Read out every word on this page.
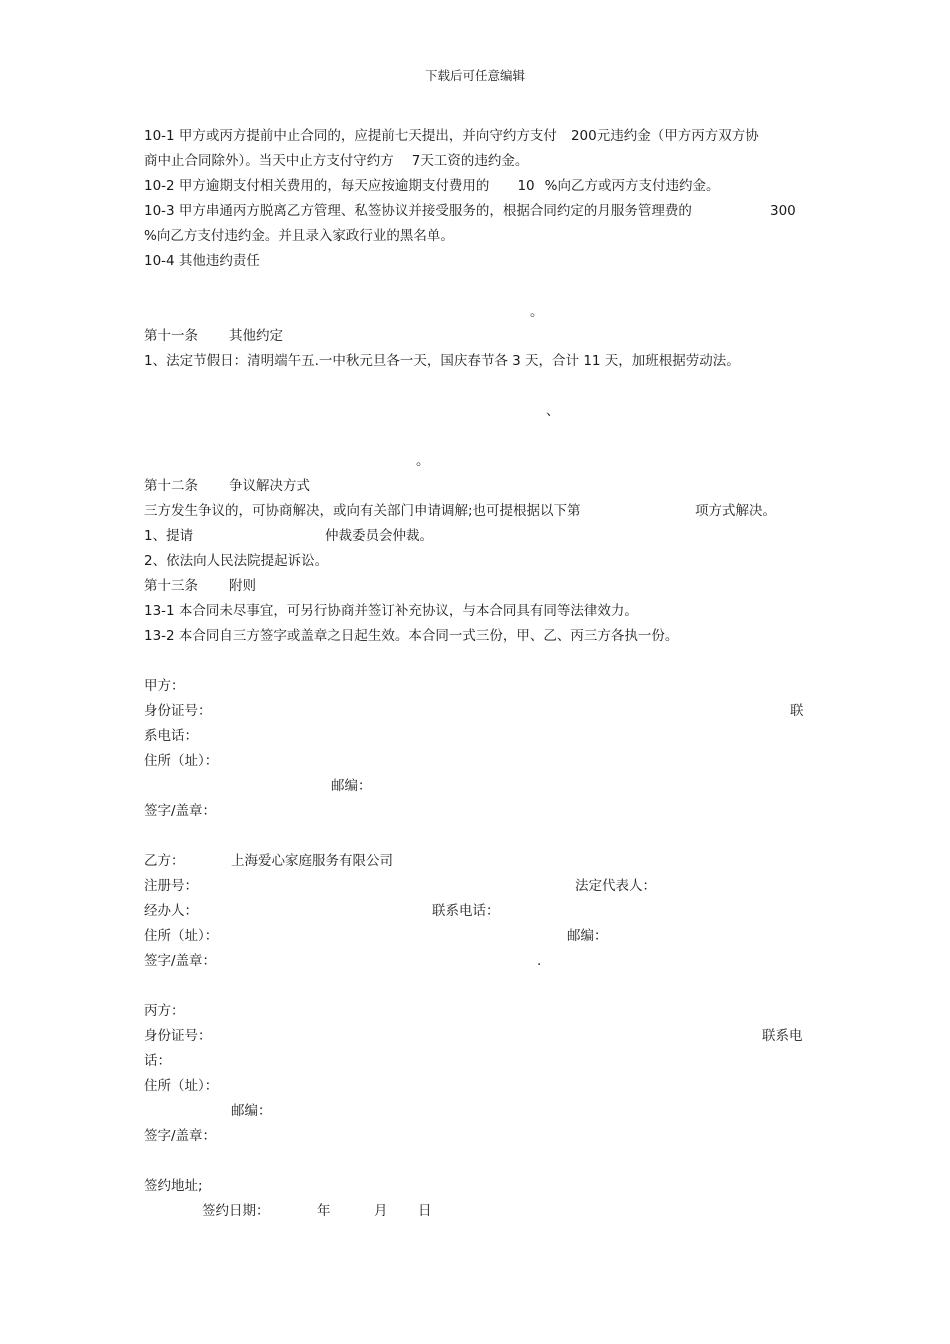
下载后可任意编辑
10-1 甲方或丙方提前中止合同的，应提前七天提出，并向守约方支付 200元违约金（甲方丙方双方协
商中止合同除外）。当天中止方支付守约方 7天工资的违约金。
10-2 甲方逾期支付相关费用的，每天应按逾期支付费用的 10 %向乙方或丙方支付违约金。
10-3 甲方串通丙方脱离乙方管理、私签协议并接受服务的，根据合同约定的月服务管理费的	300
%向乙方支付违约金。并且录入家政行业的黑名单。
10-4 其他违约责任
。
第十一条 其他约定
1、法定节假日：清明端午五.一中秋元旦各一天，国庆春节各 3 天，合计 11 天，加班根据劳动法。
、
。
第十二条 争议解决方式
三方发生争议的，可协商解决，或向有关部门申请调解;也可提根据以下第	项方式解决。
1、提请	仲裁委员会仲裁。
2、依法向人民法院提起诉讼。
第十三条 附则
13-1 本合同未尽事宜，可另行协商并签订补充协议，与本合同具有同等法律效力。
13-2 本合同自三方签字或盖章之日起生效。本合同一式三份，甲、乙、丙三方各执一份。
甲方：
身份证号：	联
系电话：
住所（址）：
邮编：
签字/盖章：
乙方：	上海爱心家庭服务有限公司
注册号：	法定代表人：
经办人：	联系电话：
住所（址）：	邮编：
签字/盖章：	.
丙方：
身份证号：	联系电
话：
住所（址）：
邮编：
签字/盖章：
签约地址;
签约日期：	年	月 日
